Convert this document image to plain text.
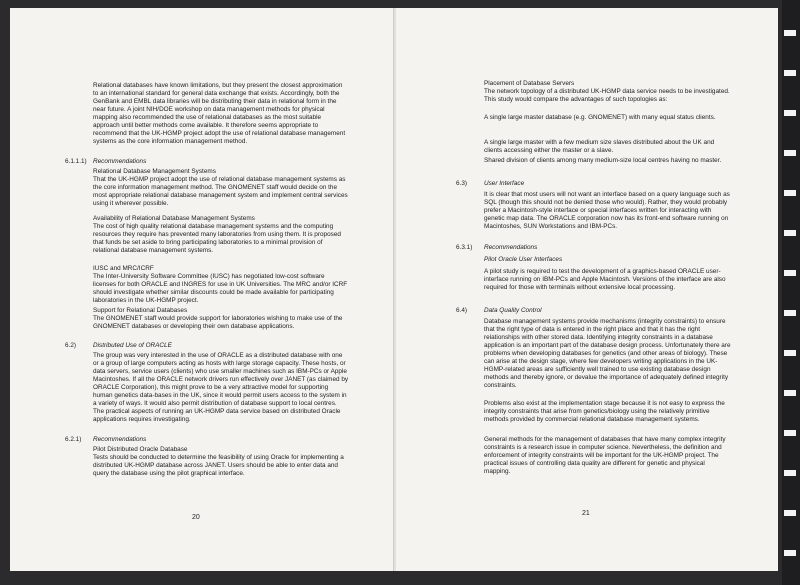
Relational databases have known limitations, but they present the closest approximation to an international standard for general data exchange that exists. Accordingly, both the GenBank and EMBL data libraries will be distributing their data in relational form in the near future. A joint NIH/DOE workshop on data management methods for physical mapping also recommended the use of relational databases as the most suitable approach until better methods come available. It therefore seems appropriate to recommend that the UK-HGMP project adopt the use of relational database management systems as the core information management method.

6.1.1.1) Recommendations

Relational Database Management Systems

That the UK-HGMP project adopt the use of relational database management systems as the core information management method. The GNOMENET staff would decide on the most appropriate relational database management system and implement central services using it wherever possible.

Availability of Relational Database Management Systems

The cost of high quality relational database management systems and the computing resources they require has prevented many laboratories from using them. It is proposed that funds be set aside to bring participating laboratories to a minimal provision of relational database management systems.

IUSC and MRC/ICRF

The Inter-University Software Committee (IUSC) has negotiated low-cost software licenses for both ORACLE and INGRES for use in UK Universities. The MRC and/or ICRF should investigate whether similar discounts could be made available for participating laboratories in the UK-HGMP project.

Support for Relational Databases

The GNOMENET staff would provide support for laboratories wishing to make use of the GNOMENET databases or developing their own database applications.

6.2)	Distributed Use of ORACLE

The group was very interested in the use of ORACLE as a distributed database with one or a group of large computers acting as hosts with large storage capacity. These hosts, or data servers, service users (clients) who use smaller machines such as IBM-PCs or Apple Macintoshes. If all the ORACLE network drivers run effectively over JANET (as claimed by ORACLE Corporation), this might prove to be a very attractive model for supporting human genetics data-bases in the UK, since it would permit users access to the system in a variety of ways. It would also permit distribution of database support to local centres. The practical aspects of running an UK-HGMP data service based on distributed Oracle applications requires investigating.

6.2.1) Recommendations

Pilot Distributed Oracle Database

Tests should be conducted to determine the feasibility of using Oracle for implementing a distributed UK-HGMP database across JANET. Users should be able to enter data and query the database using the pilot graphical interface.

20

Placement of Database Servers

The network topology of a distributed UK-HGMP data service needs to be investigated. This study would compare the advantages of such topologies as:

A single large master database (e.g. GNOMENET) with many equal status clients.

A single large master with a few medium size slaves distributed about the UK and clients accessing either the master or a slave.

Shared division of clients among many medium-size local centres having no master.

6.3)	User Interface

It is clear that most users will not want an interface based on a query language such as SQL (though this should not be denied those who would). Rather, they would probably prefer a Macintosh-style interface or special interfaces written for interacting with genetic map data. The ORACLE corporation now has its front-end software running on Macintoshes, SUN Workstations and IBM-PCs.

6.3.1) Recommendations
Pilot Oracle User Interfaces

A pilot study is required to test the development of a graphics-based ORACLE user-interface running on IBM-PCs and Apple Macintosh. Versions of the interface are also required for those with terminals without extensive local processing.

6.4)	Data Quality Control

Database management systems provide mechanisms (integrity constraints) to ensure that the right type of data is entered in the right place and that it has the right relationships with other stored data. Identifying integrity constraints in a database application is an important part of the database design process. Unfortunately there are problems when developing databases for genetics (and other areas of biology). These can arise at the design stage, where few developers writing applications in the UK-HGMP-related areas are sufficiently well trained to use existing database design methods and thereby ignore, or devalue the importance of adequately defined integrity constraints.

Problems also exist at the implementation stage because it is not easy to express the integrity constraints that arise from genetics/biology using the relatively primitive methods provided by commercial relational database management systems.

General methods for the management of databases that have many complex integrity constraints is a research issue in computer science. Nevertheless, the definition and enforcement of integrity constraints will be important for the UK-HGMP project. The practical issues of controlling data quality are different for genetic and physical mapping.

21
